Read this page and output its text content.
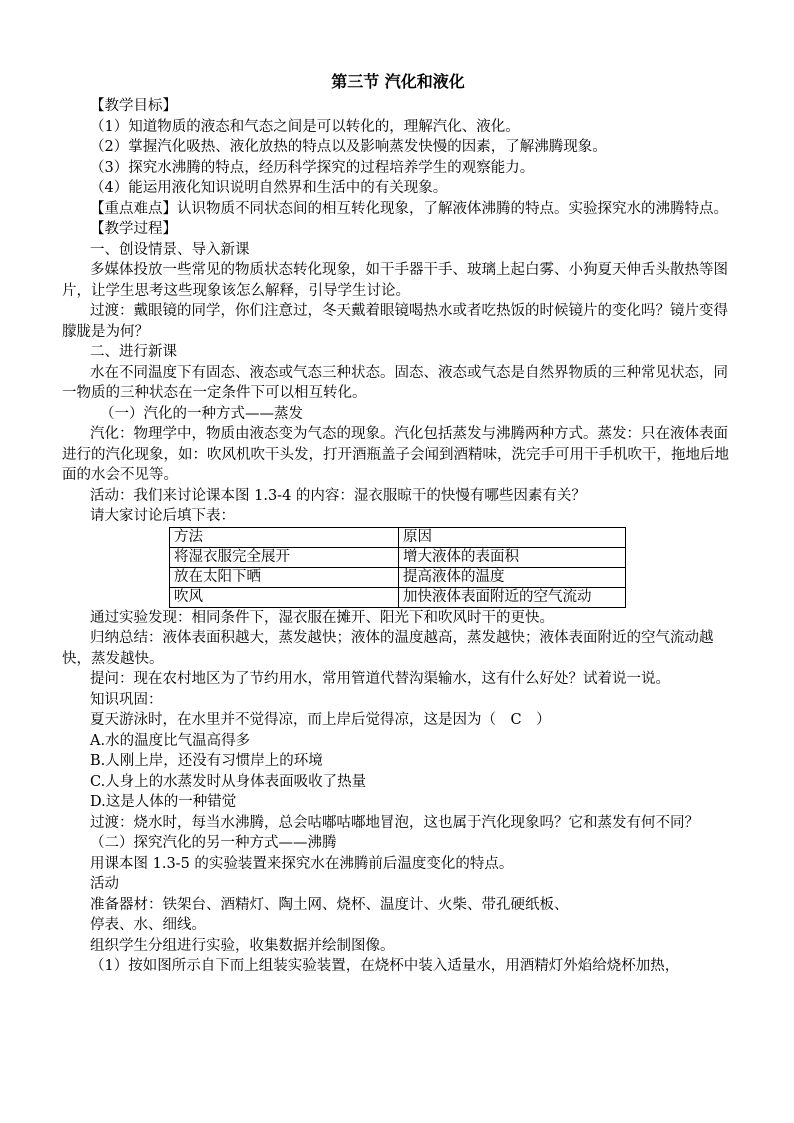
第三节 汽化和液化

【教学目标】

（1）知道物质的液态和气态之间是可以转化的，理解汽化、液化。

（2）掌握汽化吸热、液化放热的特点以及影响蒸发快慢的因素，了解沸腾现象。

（3）探究水沸腾的特点，经历科学探究的过程培养学生的观察能力。

（4）能运用液化知识说明自然界和生活中的有关现象。

【重点难点】认识物质不同状态间的相互转化现象，了解液体沸腾的特点。实验探究水的沸腾特点。

【教学过程】

一、创设情景、导入新课

多媒体投放一些常见的物质状态转化现象，如干手器干手、玻璃上起白雾、小狗夏天伸舌头散热等图片，让学生思考这些现象该怎么解释，引导学生讨论。

过渡：戴眼镜的同学，你们注意过，冬天戴着眼镜喝热水或者吃热饭的时候镜片的变化吗？镜片变得朦胧是为何？

二、进行新课

水在不同温度下有固态、液态或气态三种状态。固态、液态或气态是自然界物质的三种常见状态，同一物质的三种状态在一定条件下可以相互转化。

（一）汽化的一种方式——蒸发

汽化：物理学中，物质由液态变为气态的现象。汽化包括蒸发与沸腾两种方式。蒸发：只在液体表面进行的汽化现象，如：吹风机吹干头发，打开酒瓶盖子会闻到酒精味，洗完手可用干手机吹干，拖地后地面的水会不见等。

活动：我们来讨论课本图 1.3-4 的内容：湿衣服晾干的快慢有哪些因素有关？

请大家讨论后填下表：

方法	原因
将湿衣服完全展开	增大液体的表面积
放在太阳下晒	提高液体的温度
吹风	加快液体表面附近的空气流动

通过实验发现：相同条件下，湿衣服在摊开、阳光下和吹风时干的更快。

归纳总结：液体表面积越大，蒸发越快；液体的温度越高，蒸发越快；液体表面附近的空气流动越快，蒸发越快。

提问：现在农村地区为了节约用水，常用管道代替沟渠输水，这有什么好处？试着说一说。

知识巩固：

夏天游泳时，在水里并不觉得凉，而上岸后觉得凉，这是因为（　C　）

A.水的温度比气温高得多

B.人刚上岸，还没有习惯岸上的环境

C.人身上的水蒸发时从身体表面吸收了热量

D.这是人体的一种错觉

过渡：烧水时，每当水沸腾，总会咕嘟咕嘟地冒泡，这也属于汽化现象吗？它和蒸发有何不同？

（二）探究汽化的另一种方式——沸腾

用课本图 1.3-5 的实验装置来探究水在沸腾前后温度变化的特点。

活动

准备器材：铁架台、酒精灯、陶土网、烧杯、温度计、火柴、带孔硬纸板、

停表、水、细线。

组织学生分组进行实验，收集数据并绘制图像。

（1）按如图所示自下而上组装实验装置，在烧杯中装入适量水，用酒精灯外焰给烧杯加热，
